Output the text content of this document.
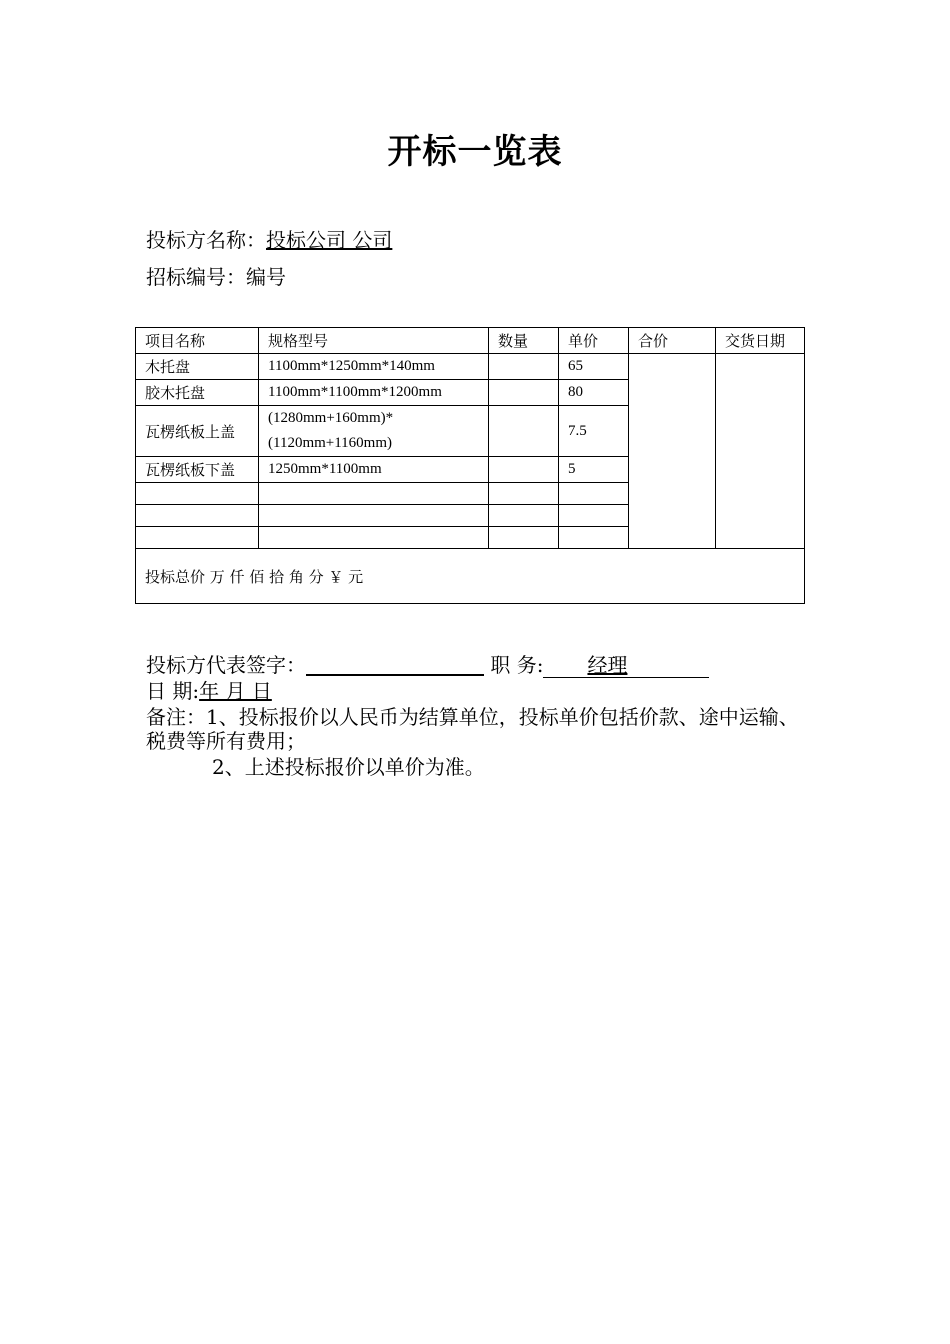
开标一览表
投标方名称：投标公司 公司
招标编号：编号
项目名称	规格型号	数量	单价	合价	交货日期
木托盘	1100mm*1250mm*140mm		65		
胶木托盘	1100mm*1100mm*1200mm		80		
瓦楞纸板上盖	(1280mm+160mm)*
(1120mm+1160mm)		7.5		
瓦楞纸板下盖	1250mm*1100mm		5		

投标总价 万 仟 佰 拾 角 分 ￥ 元					
投标方代表签字：	职 务: 经理
日 期:年 月 日
备注：1、投标报价以人民币为结算单位，投标单价包括价款、途中运输、税费等所有费用；
2、上述投标报价以单价为准。
